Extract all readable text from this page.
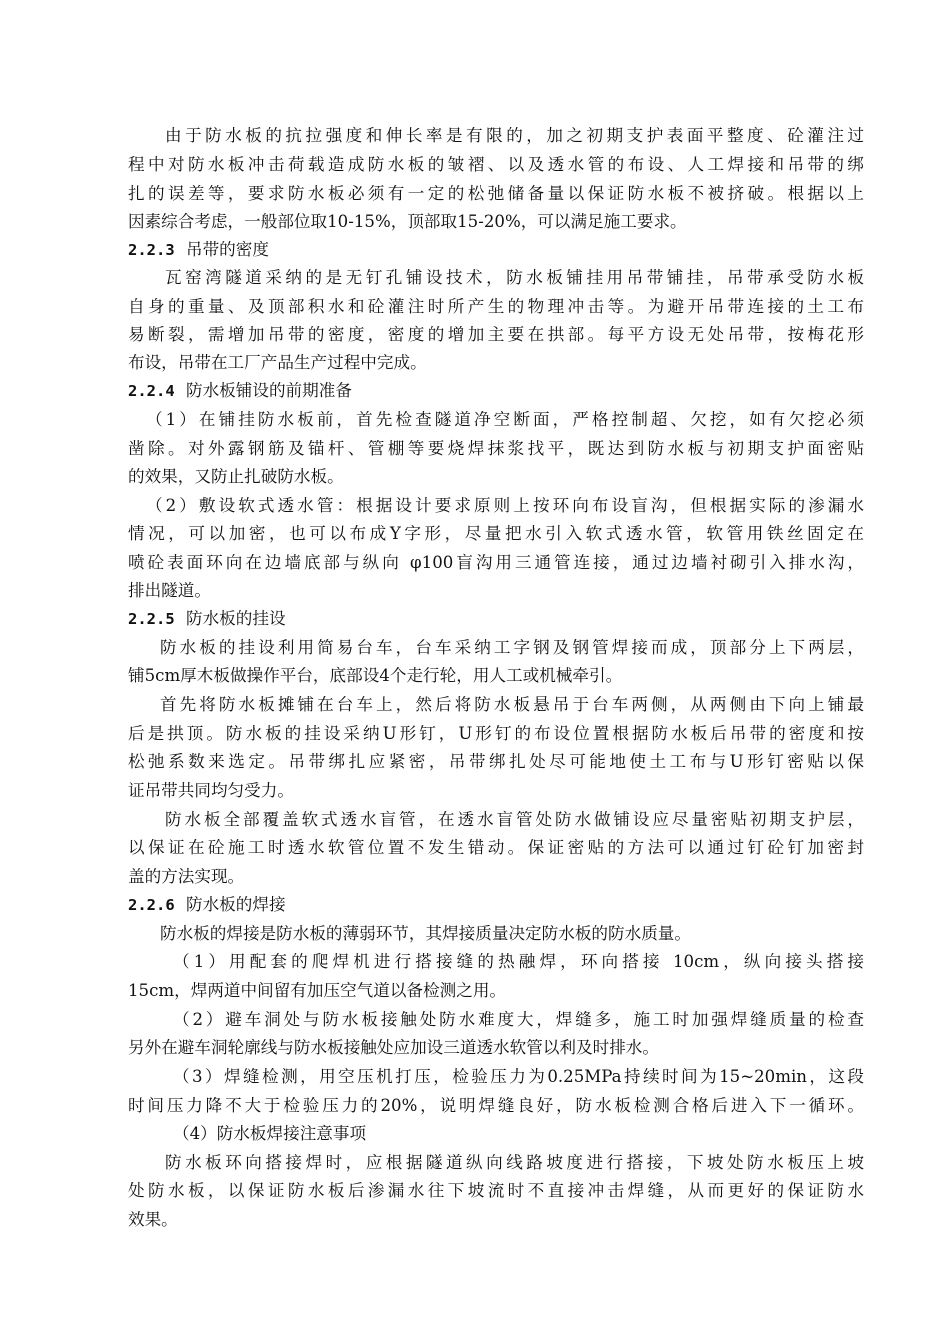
由于防水板的抗拉强度和伸长率是有限的，加之初期支护表面平整度、砼灌注过
程中对防水板冲击荷载造成防水板的皱褶、以及透水管的布设、人工焊接和吊带的绑
扎的误差等，要求防水板必须有一定的松弛储备量以保证防水板不被挤破。根据以上
因素综合考虑，一般部位取10-15%，顶部取15-20%，可以满足施工要求。
2.2.3 吊带的密度
瓦窑湾隧道采纳的是无钉孔铺设技术，防水板铺挂用吊带铺挂，吊带承受防水板
自身的重量、及顶部积水和砼灌注时所产生的物理冲击等。为避开吊带连接的土工布
易断裂，需增加吊带的密度，密度的增加主要在拱部。每平方设无处吊带，按梅花形
布设，吊带在工厂产品生产过程中完成。
2.2.4 防水板铺设的前期准备
（1）在铺挂防水板前，首先检查隧道净空断面，严格控制超、欠挖，如有欠挖必须
凿除。对外露钢筋及锚杆、管棚等要烧焊抹浆找平，既达到防水板与初期支护面密贴
的效果，又防止扎破防水板。
（2）敷设软式透水管：根据设计要求原则上按环向布设盲沟，但根据实际的渗漏水
情况，可以加密，也可以布成Y字形，尽量把水引入软式透水管，软管用铁丝固定在
喷砼表面环向在边墙底部与纵向 φ100盲沟用三通管连接，通过边墙衬砌引入排水沟，
排出隧道。
2.2.5 防水板的挂设
防水板的挂设利用简易台车，台车采纳工字钢及钢管焊接而成，顶部分上下两层，
铺5cm厚木板做操作平台，底部设4个走行轮，用人工或机械牵引。
首先将防水板摊铺在台车上，然后将防水板悬吊于台车两侧，从两侧由下向上铺最
后是拱顶。防水板的挂设采纳U形钉，U形钉的布设位置根据防水板后吊带的密度和按
松弛系数来选定。吊带绑扎应紧密，吊带绑扎处尽可能地使土工布与U形钉密贴以保
证吊带共同均匀受力。
防水板全部覆盖软式透水盲管，在透水盲管处防水做铺设应尽量密贴初期支护层，
以保证在砼施工时透水软管位置不发生错动。保证密贴的方法可以通过钉砼钉加密封
盖的方法实现。
2.2.6 防水板的焊接
防水板的焊接是防水板的薄弱环节，其焊接质量决定防水板的防水质量。
（1）用配套的爬焊机进行搭接缝的热融焊，环向搭接 10cm，纵向接头搭接
15cm，焊两道中间留有加压空气道以备检测之用。
（2）避车洞处与防水板接触处防水难度大，焊缝多，施工时加强焊缝质量的检查
另外在避车洞轮廓线与防水板接触处应加设三道透水软管以利及时排水。
（3）焊缝检测，用空压机打压，检验压力为0.25MPa持续时间为15~20min，这段
时间压力降不大于检验压力的20%，说明焊缝良好，防水板检测合格后进入下一循环。
（4）防水板焊接注意事项
防水板环向搭接焊时，应根据隧道纵向线路坡度进行搭接，下坡处防水板压上坡
处防水板，以保证防水板后渗漏水往下坡流时不直接冲击焊缝，从而更好的保证防水
效果。
